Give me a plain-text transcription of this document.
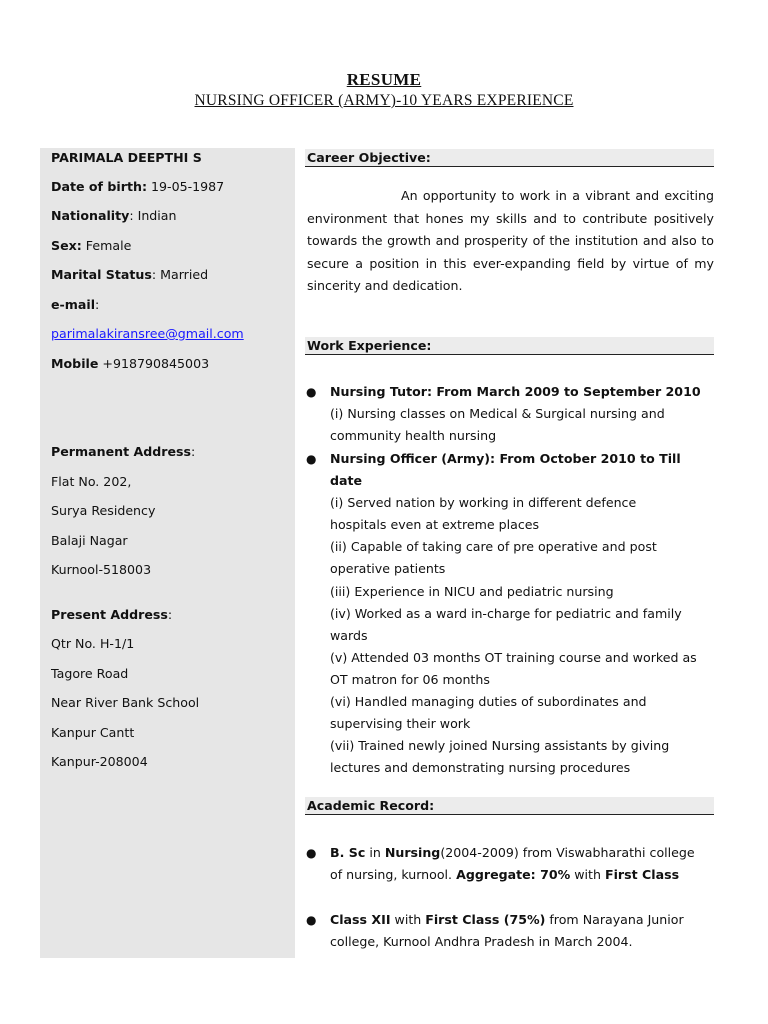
RESUME
NURSING OFFICER (ARMY)-10 YEARS EXPERIENCE
PARIMALA DEEPTHI S
Date of birth: 19-05-1987
Nationality: Indian
Sex: Female
Marital Status: Married
e-mail:
parimalakiransree@gmail.com
Mobile +918790845003
Permanent Address:
Flat No. 202,
Surya Residency
Balaji Nagar
Kurnool-518003
Present Address:
Qtr No. H-1/1
Tagore Road
Near River Bank School
Kanpur Cantt
Kanpur-208004
Career Objective:
An opportunity to work in a vibrant and exciting environment that hones my skills and to contribute positively towards the growth and prosperity of the institution and also to secure a position in this ever-expanding field by virtue of my sincerity and dedication.
Work Experience:
● Nursing Tutor: From March 2009 to September 2010
(i) Nursing classes on Medical & Surgical nursing and
community health nursing
● Nursing Officer (Army): From October 2010 to Till
date
(i) Served nation by working in different defence
hospitals even at extreme places
(ii) Capable of taking care of pre operative and post
operative patients
(iii) Experience in NICU and pediatric nursing
(iv) Worked as a ward in-charge for pediatric and family
wards
(v) Attended 03 months OT training course and worked as
OT matron for 06 months
(vi) Handled managing duties of subordinates and
supervising their work
(vii) Trained newly joined Nursing assistants by giving
lectures and demonstrating nursing procedures
Academic Record:
● B. Sc in Nursing(2004-2009) from Viswabharathi college
of nursing, kurnool. Aggregate: 70% with First Class
● Class XII with First Class (75%) from Narayana Junior
college, Kurnool Andhra Pradesh in March 2004.
